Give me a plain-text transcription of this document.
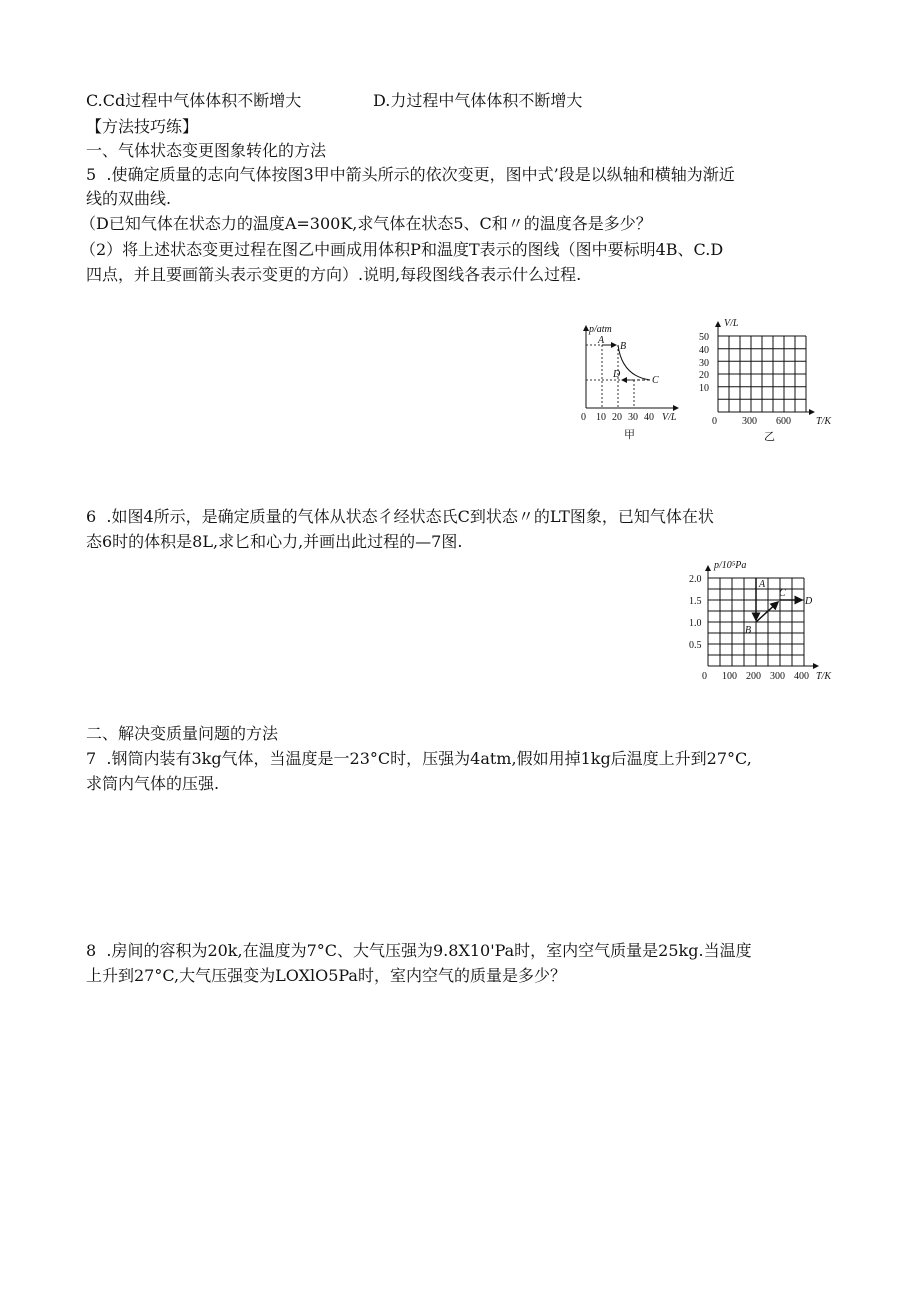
C.Cd过程中气体体积不断增大	D.力过程中气体体积不断增大
【方法技巧练】
一、气体状态变更图象转化的方法
5  .使确定质量的志向气体按图3甲中箭头所示的依次变更，图中式’段是以纵轴和横轴为渐近
线的双曲线.
（D已知气体在状态力的温度A=300K,求气体在状态5、C和〃的温度各是多少？
（2）将上述状态变更过程在图乙中画成用体积P和温度T表示的图线（图中要标明4B、C.D
四点，并且要画箭头表示变更的方向）.说明,每段图线各表示什么过程.
6  .如图4所示，是确定质量的气体从状态彳经状态氏C到状态〃的LT图象，已知气体在状
态6时的体积是8L,求匕和心力,并画出此过程的—7图.
二、解决变质量问题的方法
7  .钢筒内装有3kg气体，当温度是一23°C时，压强为4atm,假如用掉1kg后温度上升到27°C,
求筒内气体的压强.
8  .房间的容积为20k,在温度为7°C、大气压强为9.8X10'Pa时，室内空气质量是25kg.当温度
上升到27°C,大气压强变为LOXlO5Pa时，室内空气的质量是多少？
p/atm
A
B
D
C
0 10 20 30 40 V/L
甲
V/L
50
40
30
20
10
0	300 600	T/K
乙
p/10⁵Pa
2.0
1.5
1.0
0.5
A
B
C
D
0 100 200 300 400 T/K
